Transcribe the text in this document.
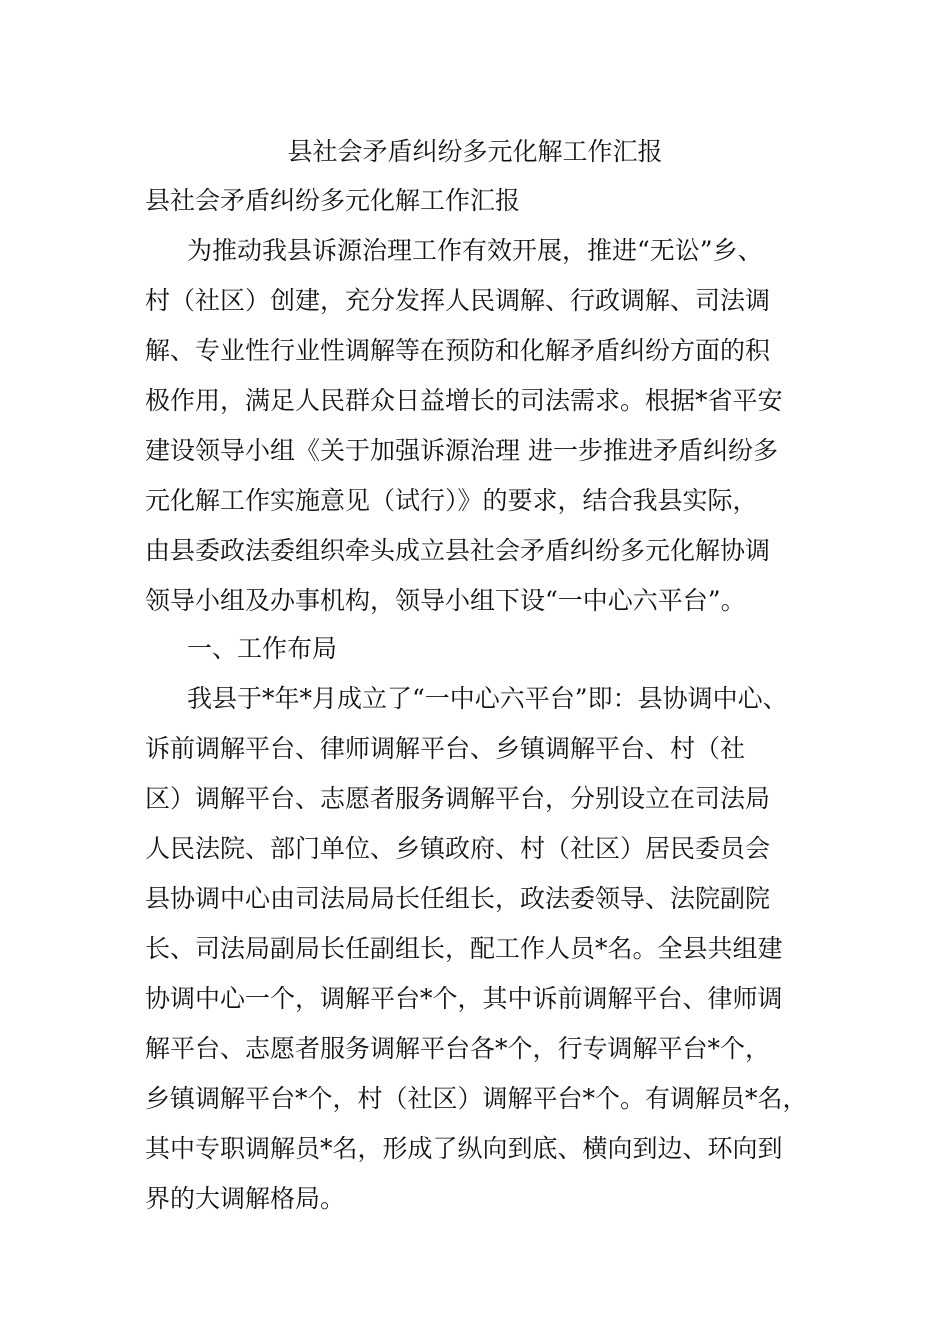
县社会矛盾纠纷多元化解工作汇报
县社会矛盾纠纷多元化解工作汇报
为推动我县诉源治理工作有效开展，推进“无讼”乡、
村（社区）创建，充分发挥人民调解、行政调解、司法调
解、专业性行业性调解等在预防和化解矛盾纠纷方面的积
极作用，满足人民群众日益增长的司法需求。根据*省平安
建设领导小组《关于加强诉源治理 进一步推进矛盾纠纷多
元化解工作实施意见（试行）》的要求，结合我县实际，
由县委政法委组织牵头成立县社会矛盾纠纷多元化解协调
领导小组及办事机构，领导小组下设“一中心六平台”。
一、工作布局
我县于*年*月成立了“一中心六平台”即：县协调中心、
诉前调解平台、律师调解平台、乡镇调解平台、村（社
区）调解平台、志愿者服务调解平台，分别设立在司法局
人民法院、部门单位、乡镇政府、村（社区）居民委员会
县协调中心由司法局局长任组长，政法委领导、法院副院
长、司法局副局长任副组长，配工作人员*名。全县共组建
协调中心一个，调解平台*个，其中诉前调解平台、律师调
解平台、志愿者服务调解平台各*个，行专调解平台*个，
乡镇调解平台*个，村（社区）调解平台*个。有调解员*名，
其中专职调解员*名，形成了纵向到底、横向到边、环向到
界的大调解格局。
